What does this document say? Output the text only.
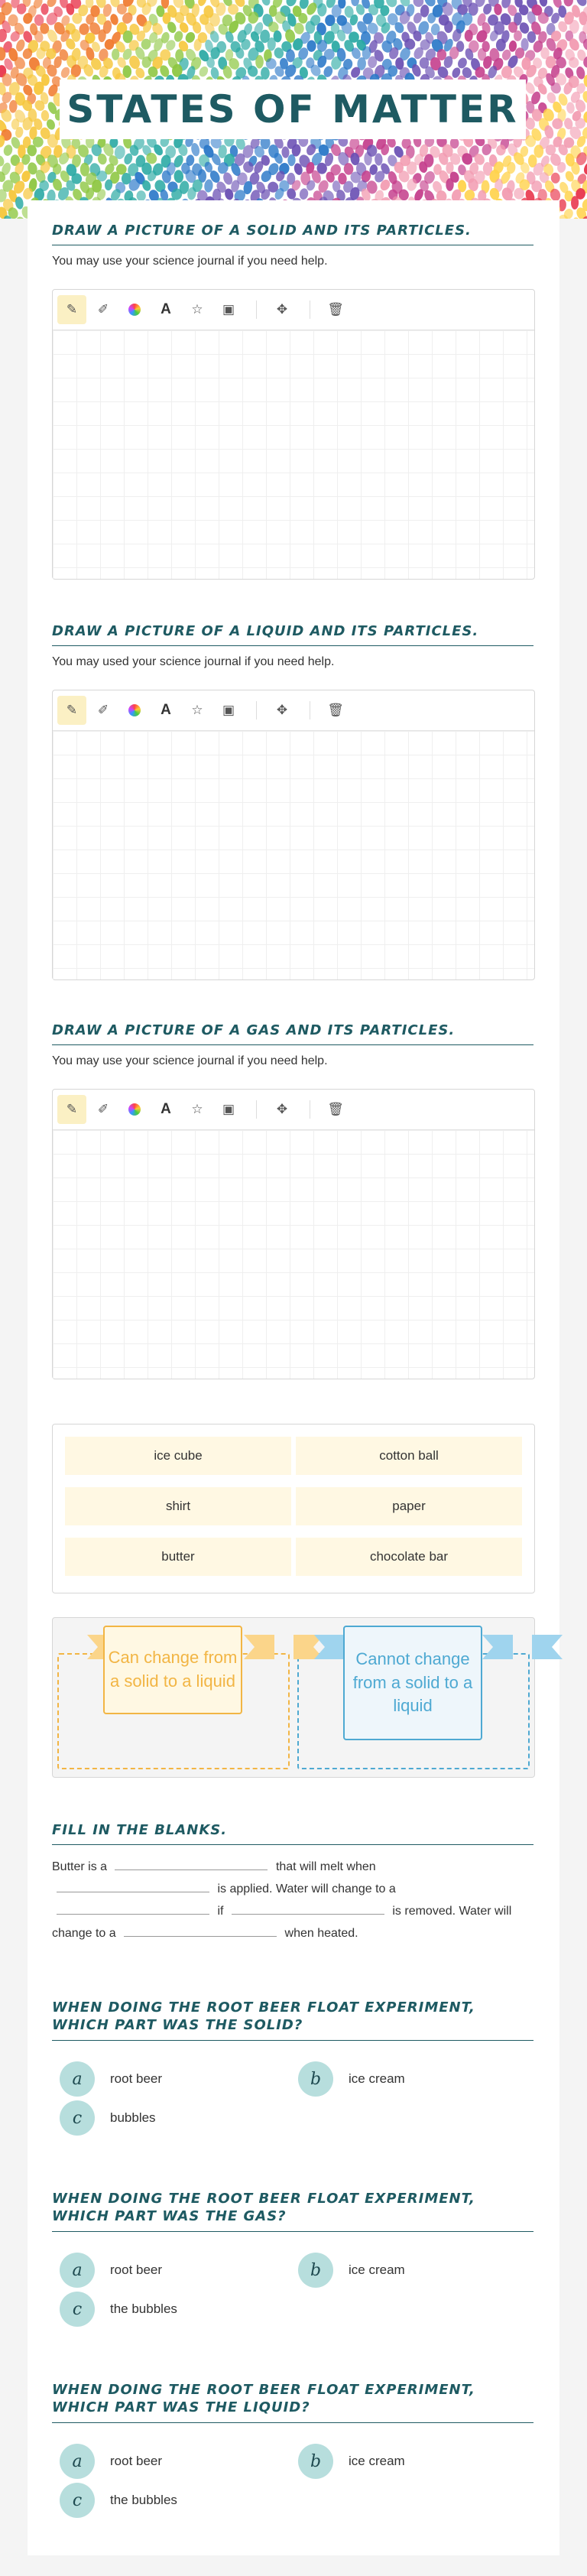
STATES OF MATTER
DRAW A PICTURE OF A SOLID AND ITS PARTICLES.
You may use your science journal if you need help.
✎	✐	A	☆	▣	✥	🗑
DRAW A PICTURE OF A LIQUID AND ITS PARTICLES.
You may used your science journal if you need help.
✎	✐	A	☆	▣	✥	🗑
DRAW A PICTURE OF A GAS AND ITS PARTICLES.
You may use your science journal if you need help.
✎	✐	A	☆	▣	✥	🗑
ice cube	cotton ball
shirt	paper
butter	chocolate bar
Can change from a solid to a liquid
Cannot change from a solid to a liquid
FILL IN THE BLANKS.
Butter is a	that will melt when  is applied. Water will change to a  if	is removed. Water will change to a	when heated.
WHEN DOING THE ROOT BEER FLOAT EXPERIMENT, WHICH PART WAS THE SOLID?
a	root beer	b	ice cream
c	bubbles
WHEN DOING THE ROOT BEER FLOAT EXPERIMENT, WHICH PART WAS THE GAS?
a	root beer	b	ice cream
c	the bubbles
WHEN DOING THE ROOT BEER FLOAT EXPERIMENT, WHICH PART WAS THE LIQUID?
a	root beer	b	ice cream
c	the bubbles
